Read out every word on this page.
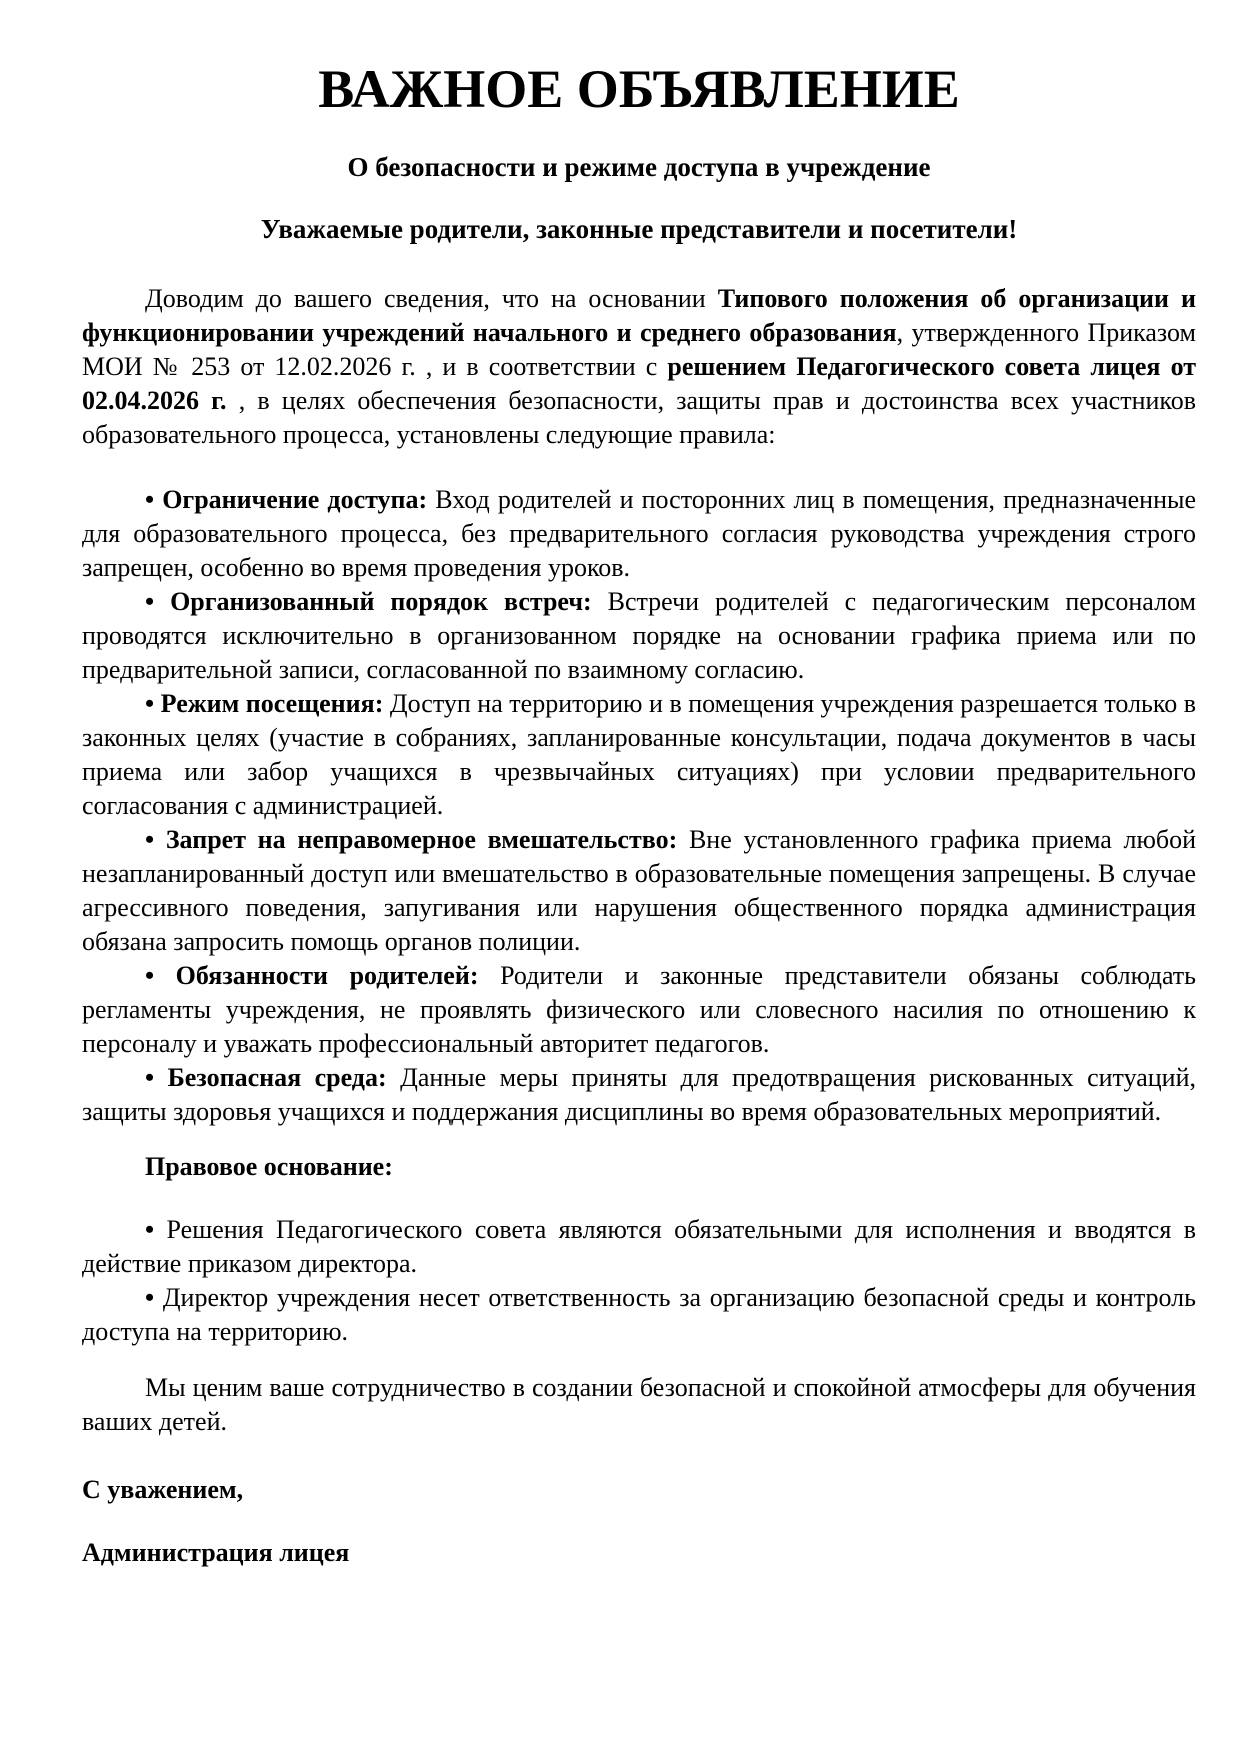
ВАЖНОЕ ОБЪЯВЛЕНИЕ
О безопасности и режиме доступа в учреждение
Уважаемые родители, законные представители и посетители!

Доводим до вашего сведения, что на основании Типового положения об организации и функционировании учреждений начального и среднего образования, утвержденного Приказом МОИ № 253 от 12.02.2026 г. , и в соответствии с решением Педагогического совета лицея от 02.04.2026 г. , в целях обеспечения безопасности, защиты прав и достоинства всех участников образовательного процесса, установлены следующие правила:

• Ограничение доступа: Вход родителей и посторонних лиц в помещения, предназначенные для образовательного процесса, без предварительного согласия руководства учреждения строго запрещен, особенно во время проведения уроков.

• Организованный порядок встреч: Встречи родителей с педагогическим персоналом проводятся исключительно в организованном порядке на основании графика приема или по предварительной записи, согласованной по взаимному согласию.

• Режим посещения: Доступ на территорию и в помещения учреждения разрешается только в законных целях (участие в собраниях, запланированные консультации, подача документов в часы приема или забор учащихся в чрезвычайных ситуациях) при условии предварительного согласования с администрацией.

• Запрет на неправомерное вмешательство: Вне установленного графика приема любой незапланированный доступ или вмешательство в образовательные помещения запрещены. В случае агрессивного поведения, запугивания или нарушения общественного порядка администрация обязана запросить помощь органов полиции.

• Обязанности родителей: Родители и законные представители обязаны соблюдать регламенты учреждения, не проявлять физического или словесного насилия по отношению к персоналу и уважать профессиональный авторитет педагогов.

• Безопасная среда: Данные меры приняты для предотвращения рискованных ситуаций, защиты здоровья учащихся и поддержания дисциплины во время образовательных мероприятий.

Правовое основание:

• Решения Педагогического совета являются обязательными для исполнения и вводятся в действие приказом директора.

• Директор учреждения несет ответственность за организацию безопасной среды и контроль доступа на территорию.

Мы ценим ваше сотрудничество в создании безопасной и спокойной атмосферы для обучения ваших детей.

С уважением,

Администрация лицея
